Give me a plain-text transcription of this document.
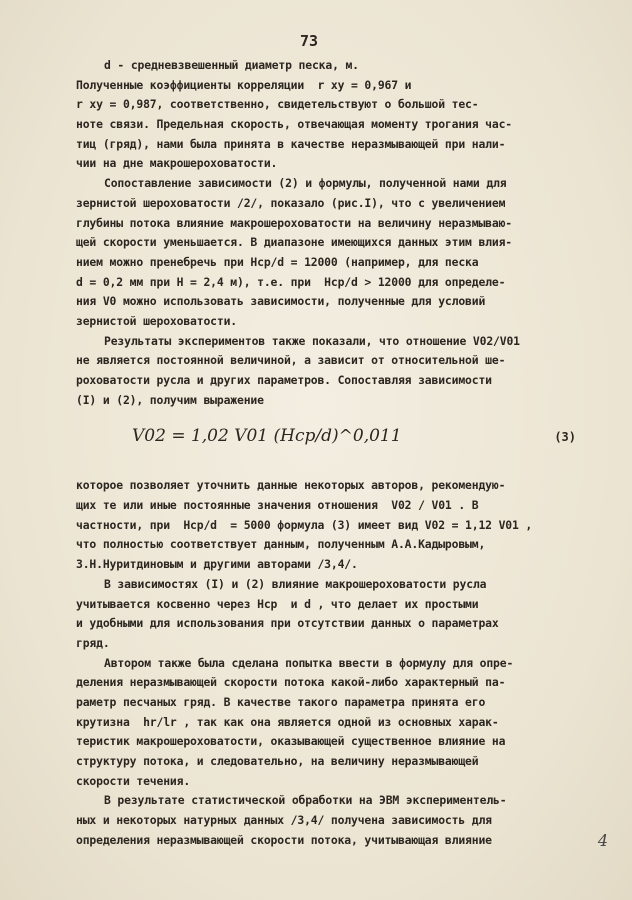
73
d - средневзвешенный диаметр песка, м.
Полученные коэффициенты корреляции  r xy = 0,967 и
r xy = 0,987, соответственно, свидетельствуют о большой тес-
ноте связи. Предельная скорость, отвечающая моменту трогания час-
тиц (гряд), нами была принята в качестве неразмывающей при нали-
чии на дне макрошероховатости.
Сопоставление зависимости (2) и формулы, полученной нами для
зернистой шероховатости /2/, показало (рис.I), что с увеличением
глубины потока влияние макрошероховатости на величину неразмываю-
щей скорости уменьшается. В диапазоне имеющихся данных этим влия-
нием можно пренебречь при Hср/d = 12000 (например, для песка
d = 0,2 мм при H = 2,4 м), т.е. при  Hср/d > 12000 для определе-
ния V0 можно использовать зависимости, полученные для условий
зернистой шероховатости.
Результаты экспериментов также показали, что отношение V02/V01
не является постоянной величиной, а зависит от относительной ше-
роховатости русла и других параметров. Сопоставляя зависимости
(I) и (2), получим выражение
V02 = 1,02 V01 (Hср/d)^0,011	(3)
которое позволяет уточнить данные некоторых авторов, рекомендую-
щих те или иные постоянные значения отношения  V02 / V01 . В
частности, при  Hср/d  = 5000 формула (3) имеет вид V02 = 1,12 V01 ,
что полностью соответствует данным, полученным А.А.Кадыровым,
З.Н.Нуритдиновым и другими авторами /3,4/.
В зависимостях (I) и (2) влияние макрошероховатости русла
учитывается косвенно через Hср  и d , что делает их простыми
и удобными для использования при отсутствии данных о параметрах
гряд.
Автором также была сделана попытка ввести в формулу для опре-
деления неразмывающей скорости потока какой-либо характерный па-
раметр песчаных гряд. В качестве такого параметра принята его
крутизна  hr/lr , так как она является одной из основных харак-
теристик макрошероховатости, оказывающей существенное влияние на
структуру потока, и следовательно, на величину неразмывающей
скорости течения.
В результате статистической обработки на ЭВМ экспериментель-
ных и некоторых натурных данных /3,4/ получена зависимость для
определения неразмывающей скорости потока, учитывающая влияние	4
